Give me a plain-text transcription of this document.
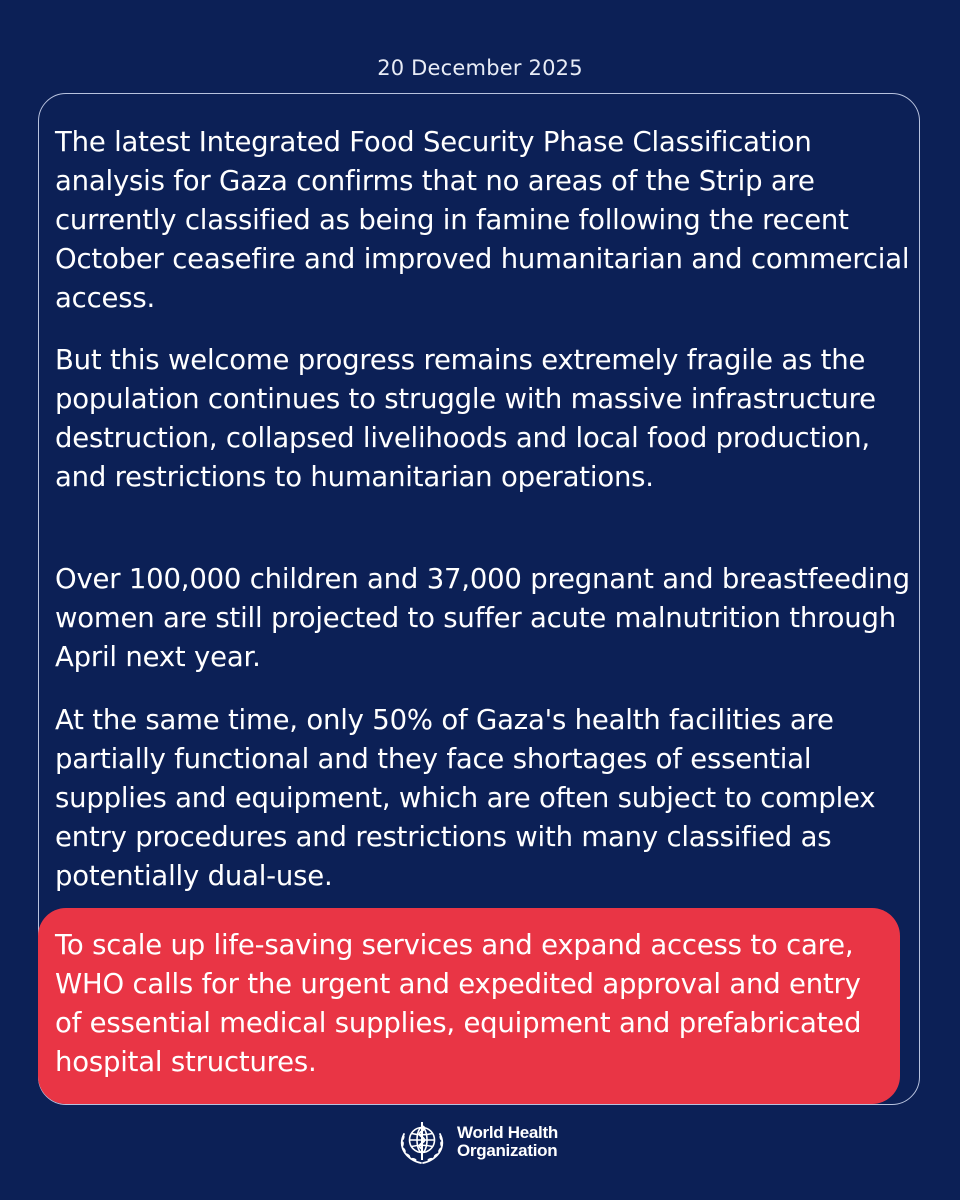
20 December 2025

The latest Integrated Food Security Phase Classification analysis for Gaza confirms that no areas of the Strip are currently classified as being in famine following the recent October ceasefire and improved humanitarian and commercial access.

But this welcome progress remains extremely fragile as the population continues to struggle with massive infrastructure destruction, collapsed livelihoods and local food production, and restrictions to humanitarian operations.

Over 100,000 children and 37,000 pregnant and breastfeeding women are still projected to suffer acute malnutrition through April next year.

At the same time, only 50% of Gaza's health facilities are partially functional and they face shortages of essential supplies and equipment, which are often subject to complex entry procedures and restrictions with many classified as potentially dual-use.

To scale up life-saving services and expand access to care, WHO calls for the urgent and expedited approval and entry of essential medical supplies, equipment and prefabricated hospital structures.

World Health
Organization
